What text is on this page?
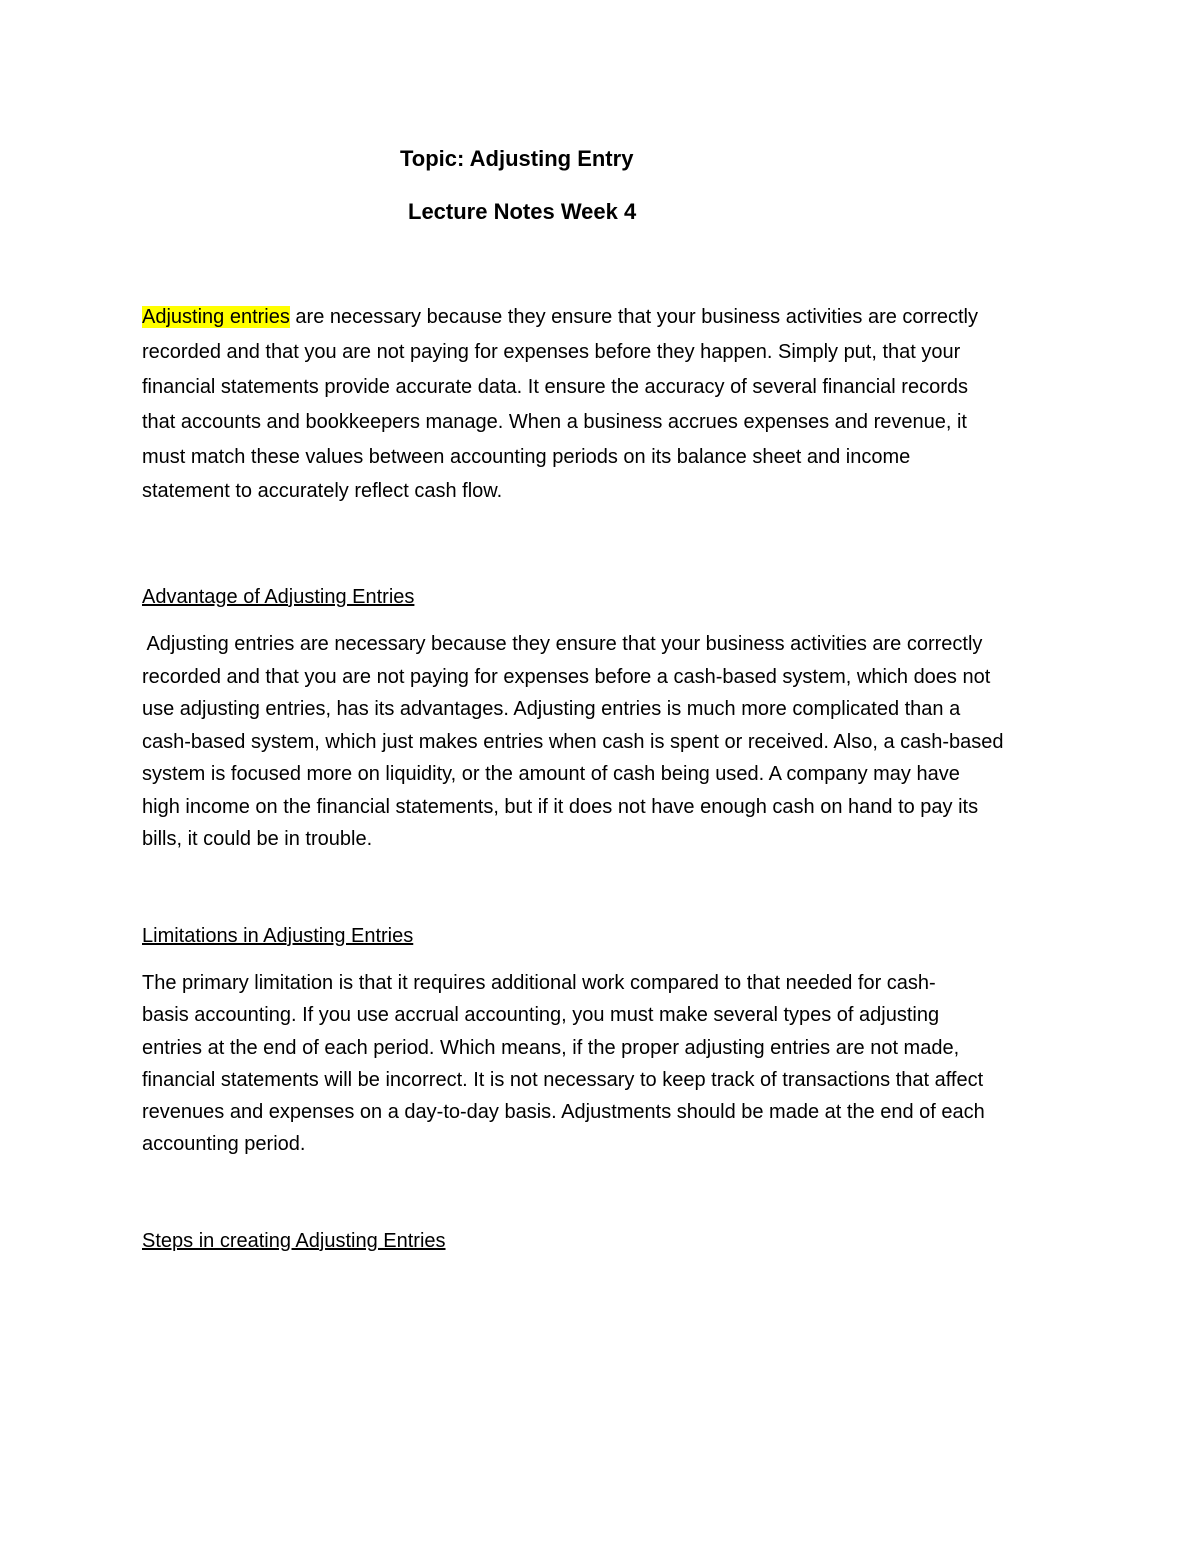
Topic: Adjusting Entry
Lecture Notes Week 4
Adjusting entries are necessary because they ensure that your business activities are correctly
recorded and that you are not paying for expenses before they happen. Simply put, that your
financial statements provide accurate data. It ensure the accuracy of several financial records
that accounts and bookkeepers manage. When a business accrues expenses and revenue, it
must match these values between accounting periods on its balance sheet and income
statement to accurately reflect cash flow.
Advantage of Adjusting Entries
Adjusting entries are necessary because they ensure that your business activities are correctly
recorded and that you are not paying for expenses before a cash-based system, which does not
use adjusting entries, has its advantages. Adjusting entries is much more complicated than a
cash-based system, which just makes entries when cash is spent or received. Also, a cash-based
system is focused more on liquidity, or the amount of cash being used. A company may have
high income on the financial statements, but if it does not have enough cash on hand to pay its
bills, it could be in trouble.
Limitations in Adjusting Entries
The primary limitation is that it requires additional work compared to that needed for cash-
basis accounting. If you use accrual accounting, you must make several types of adjusting
entries at the end of each period. Which means, if the proper adjusting entries are not made,
financial statements will be incorrect. It is not necessary to keep track of transactions that affect
revenues and expenses on a day-to-day basis. Adjustments should be made at the end of each
accounting period.
Steps in creating Adjusting Entries
